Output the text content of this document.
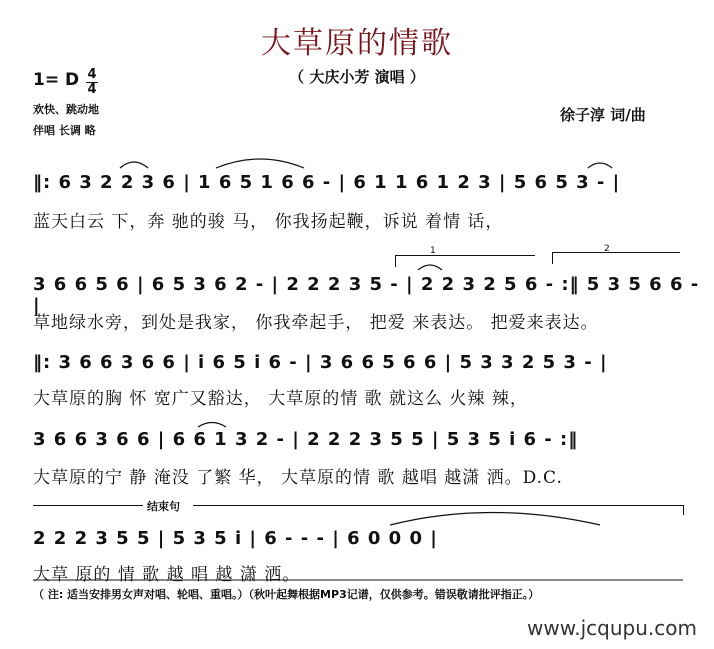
大草原的情歌
（ 大庆小芳 演唱 ）
1= D 4
4
欢快、跳动地
伴唱 长调 略
徐子淳 词/曲
‖: 6 3 2 2 3 6 | 1 6 5 1 6 6 - | 6 1 1 6 1 2 3 | 5 6 5 3 - |
蓝天白云 下，奔 驰的骏 马， 你我扬起鞭，诉说 着情 话，
1	2
3 6 6 5 6 | 6 5 3 6 2 - | 2 2 2 3 5 - | 2 2 3 2 5 6 - :‖ 5 3 5 6 6 - |
草地绿水旁，到处是我家， 你我牵起手， 把爱 来表达。 把爱来表达。
‖: 3 6 6 3 6 6 | i 6 5 i 6 - | 3 6 6 5 6 6 | 5 3 3 2 5 3 - |
大草原的胸 怀 宽广又豁达， 大草原的情 歌 就这么 火辣 辣，
3 6 6 3 6 6 | 6 6 1 3 2 - | 2 2 2 3 5 5 | 5 3 5 i 6 - :‖
大草原的宁 静 淹没 了繁 华， 大草原的情 歌 越唱 越潇 洒。D.C.
结束句
2 2 2 3 5 5 | 5 3 5 i | 6 - - - | 6 0 0 0 |
大草 原的 情 歌 越 唱 越 潇 洒。
（ 注: 适当安排男女声对唱、轮唱、重唱。）（秋叶起舞根据MP3记谱，仅供参考。错误敬请批评指正。）
www.jcqupu.com
